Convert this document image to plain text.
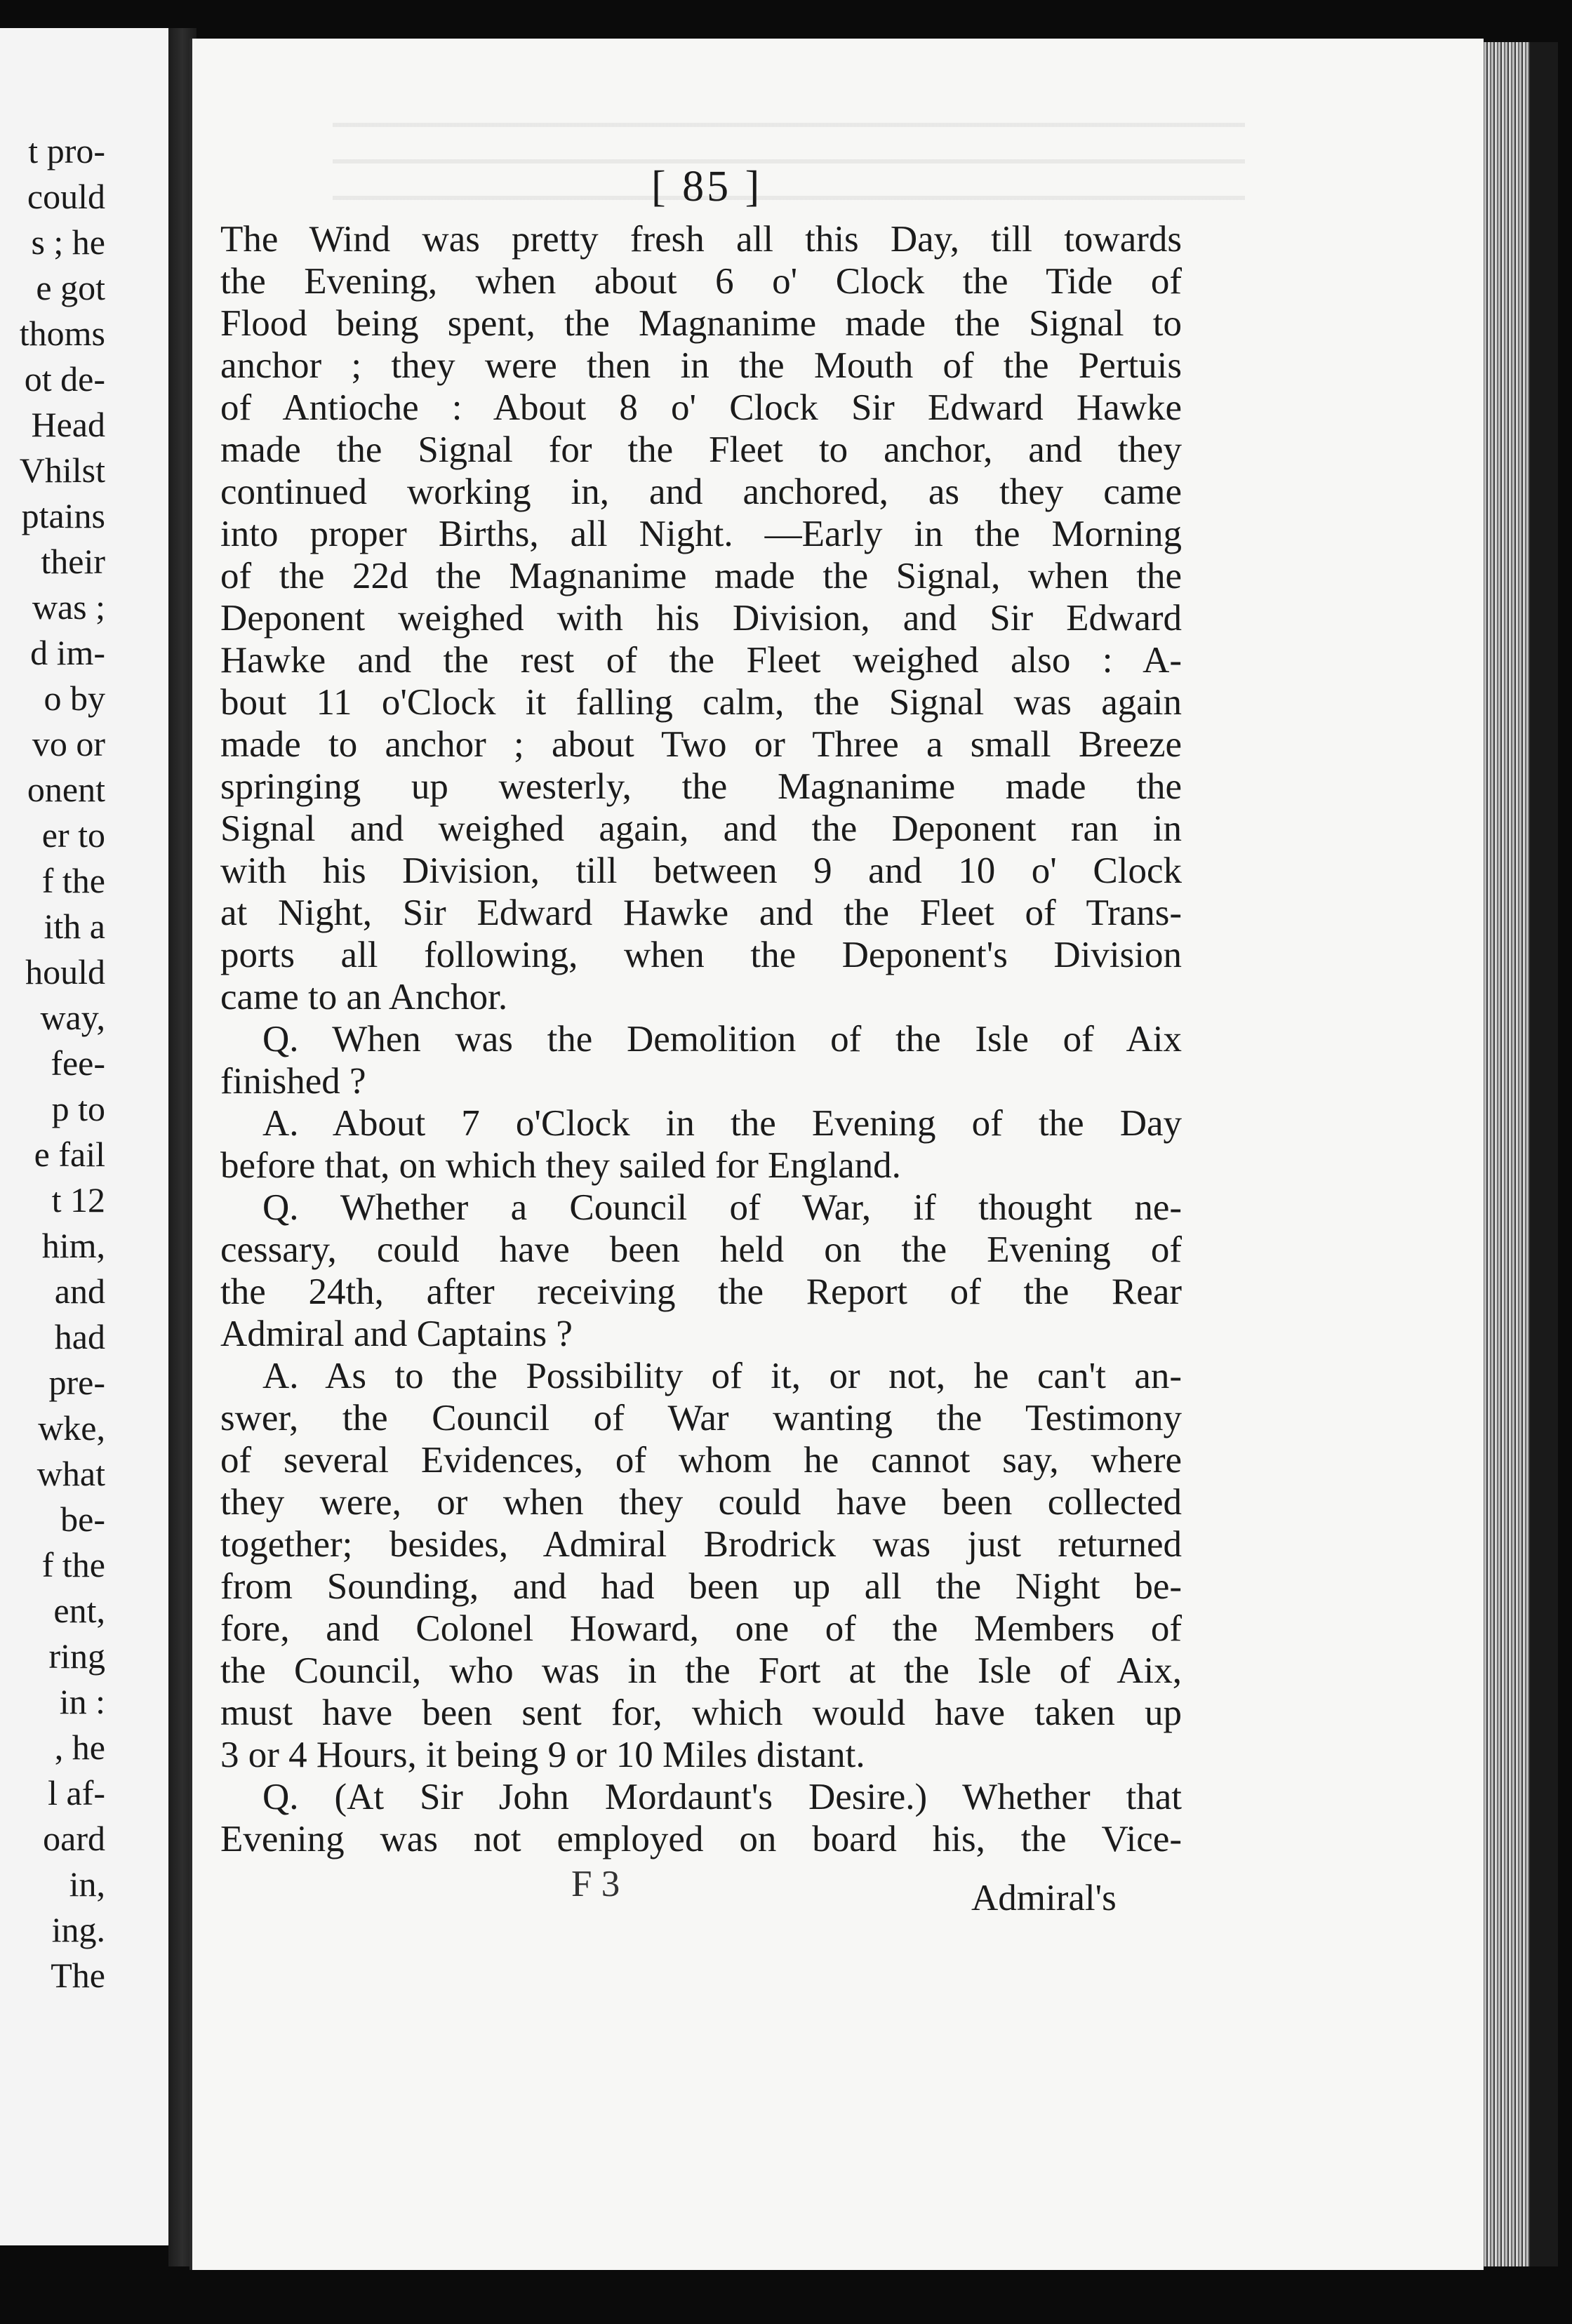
t pro-
could
s ; he
e got
thoms
ot de-
Head
Vhilst
ptains
their
was ;
d im-
o by
vo or
onent
er to
f the
ith a
hould
way,
fee-
p to
e fail
t 12
him,
and
had
pre-
wke,
what
be-
f the
ent,
ring
in :
, he
l af-
oard
in,
ing.
The
[ 85 ]
The Wind was pretty fresh all this Day, till towards
the Evening, when about 6 o' Clock the Tide of
Flood being spent, the Magnanime made the Signal to
anchor ; they were then in the Mouth of the Pertuis
of Antioche : About 8 o' Clock Sir Edward Hawke
made the Signal for the Fleet to anchor, and they
continued working in, and anchored, as they came
into proper Births, all Night. —Early in the Morning
of the 22d the Magnanime made the Signal, when the
Deponent weighed with his Division, and Sir Edward
Hawke and the rest of the Fleet weighed also : A-
bout 11 o'Clock it falling calm, the Signal was again
made to anchor ; about Two or Three a small Breeze
springing up westerly, the Magnanime made the
Signal and weighed again, and the Deponent ran in
with his Division, till between 9 and 10 o' Clock
at Night, Sir Edward Hawke and the Fleet of Trans-
ports all following, when the Deponent's Division
came to an Anchor.
Q. When was the Demolition of the Isle of Aix
finished ?
A. About 7 o'Clock in the Evening of the Day
before that, on which they sailed for England.
Q. Whether a Council of War, if thought ne-
cessary, could have been held on the Evening of
the 24th, after receiving the Report of the Rear
Admiral and Captains ?
A. As to the Possibility of it, or not, he can't an-
swer, the Council of War wanting the Testimony
of several Evidences, of whom he cannot say, where
they were, or when they could have been collected
together; besides, Admiral Brodrick was just returned
from Sounding, and had been up all the Night be-
fore, and Colonel Howard, one of the Members of
the Council, who was in the Fort at the Isle of Aix,
must have been sent for, which would have taken up
3 or 4 Hours, it being 9 or 10 Miles distant.
Q. (At Sir John Mordaunt's Desire.) Whether that
Evening was not employed on board his, the Vice-
F 3	Admiral's
